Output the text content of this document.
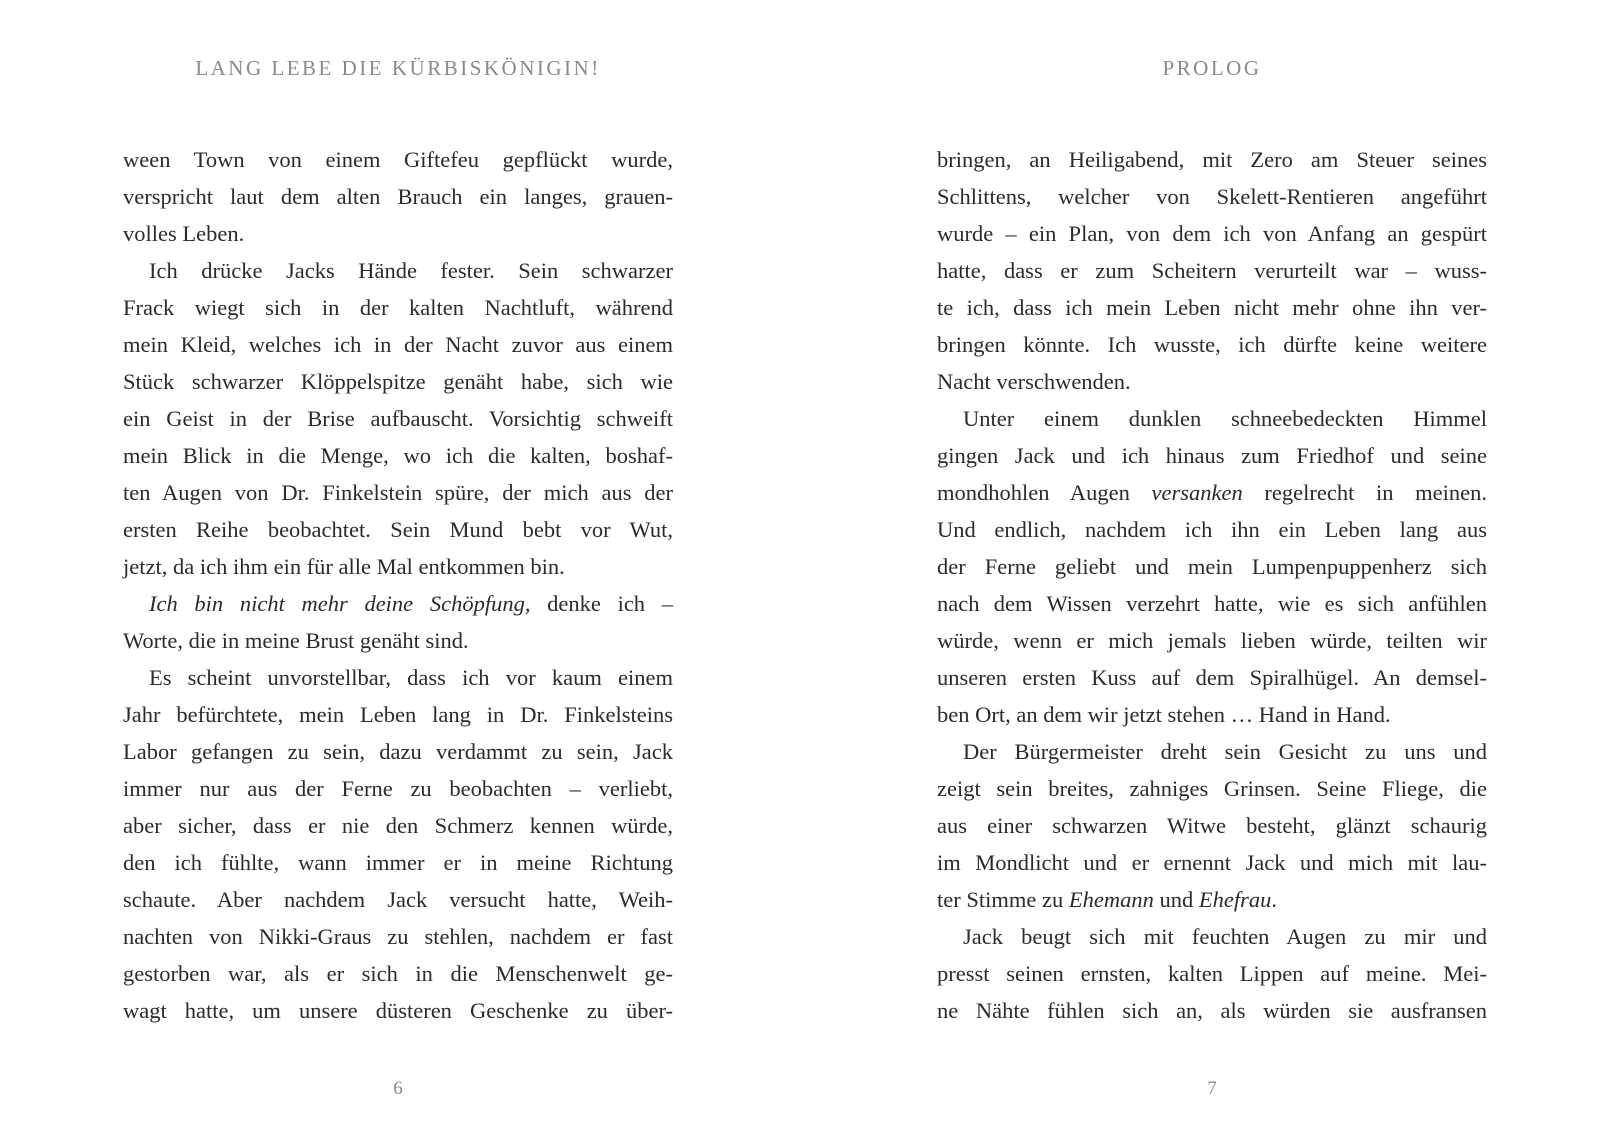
LANG LEBE DIE KÜRBISKÖNIGIN!
ween Town von einem Giftefeu gepflückt wurde,
verspricht laut dem alten Brauch ein langes, grauen-
volles Leben.
Ich drücke Jacks Hände fester. Sein schwarzer
Frack wiegt sich in der kalten Nachtluft, während
mein Kleid, welches ich in der Nacht zuvor aus einem
Stück schwarzer Klöppelspitze genäht habe, sich wie
ein Geist in der Brise aufbauscht. Vorsichtig schweift
mein Blick in die Menge, wo ich die kalten, boshaf-
ten Augen von Dr. Finkelstein spüre, der mich aus der
ersten Reihe beobachtet. Sein Mund bebt vor Wut,
jetzt, da ich ihm ein für alle Mal entkommen bin.
Ich bin nicht mehr deine Schöpfung, denke ich –
Worte, die in meine Brust genäht sind.
Es scheint unvorstellbar, dass ich vor kaum einem
Jahr befürchtete, mein Leben lang in Dr. Finkelsteins
Labor gefangen zu sein, dazu verdammt zu sein, Jack
immer nur aus der Ferne zu beobachten – verliebt,
aber sicher, dass er nie den Schmerz kennen würde,
den ich fühlte, wann immer er in meine Richtung
schaute. Aber nachdem Jack versucht hatte, Weih-
nachten von Nikki-Graus zu stehlen, nachdem er fast
gestorben war, als er sich in die Menschenwelt ge-
wagt hatte, um unsere düsteren Geschenke zu über-
6
PROLOG
bringen, an Heiligabend, mit Zero am Steuer seines
Schlittens, welcher von Skelett-Rentieren angeführt
wurde – ein Plan, von dem ich von Anfang an gespürt
hatte, dass er zum Scheitern verurteilt war – wuss-
te ich, dass ich mein Leben nicht mehr ohne ihn ver-
bringen könnte. Ich wusste, ich dürfte keine weitere
Nacht verschwenden.
Unter einem dunklen schneebedeckten Himmel
gingen Jack und ich hinaus zum Friedhof und seine
mondhohlen Augen versanken regelrecht in meinen.
Und endlich, nachdem ich ihn ein Leben lang aus
der Ferne geliebt und mein Lumpenpuppenherz sich
nach dem Wissen verzehrt hatte, wie es sich anfühlen
würde, wenn er mich jemals lieben würde, teilten wir
unseren ersten Kuss auf dem Spiralhügel. An demsel-
ben Ort, an dem wir jetzt stehen … Hand in Hand.
Der Bürgermeister dreht sein Gesicht zu uns und
zeigt sein breites, zahniges Grinsen. Seine Fliege, die
aus einer schwarzen Witwe besteht, glänzt schaurig
im Mondlicht und er ernennt Jack und mich mit lau-
ter Stimme zu Ehemann und Ehefrau.
Jack beugt sich mit feuchten Augen zu mir und
presst seinen ernsten, kalten Lippen auf meine. Mei-
ne Nähte fühlen sich an, als würden sie ausfransen
7
